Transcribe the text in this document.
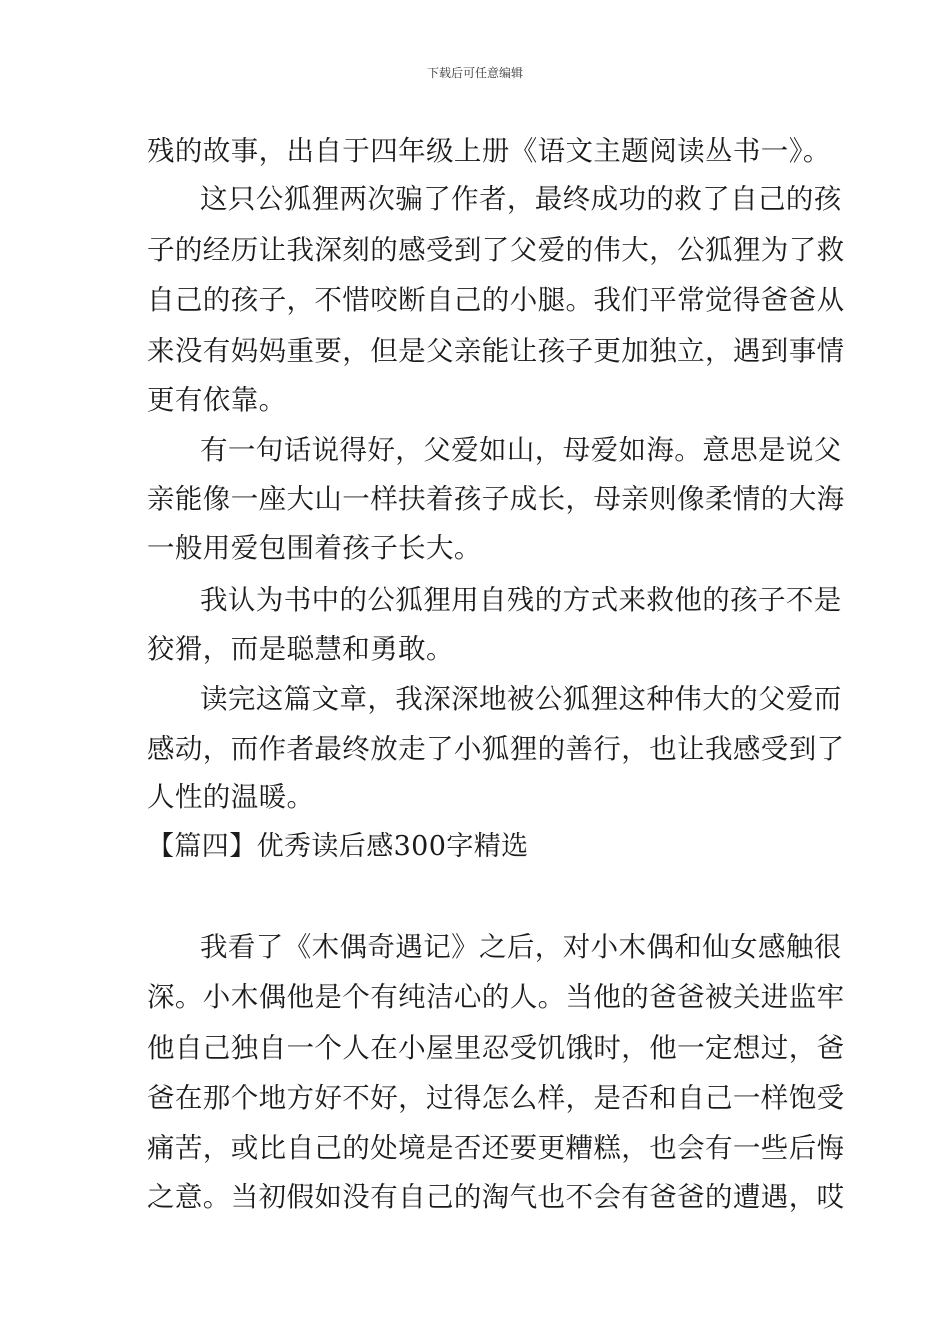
下载后可任意编辑
残的故事，出自于四年级上册《语文主题阅读丛书一》。
这只公狐狸两次骗了作者，最终成功的救了自己的孩
子的经历让我深刻的感受到了父爱的伟大，公狐狸为了救
自己的孩子，不惜咬断自己的小腿。我们平常觉得爸爸从
来没有妈妈重要，但是父亲能让孩子更加独立，遇到事情
更有依靠。
有一句话说得好，父爱如山，母爱如海。意思是说父
亲能像一座大山一样扶着孩子成长，母亲则像柔情的大海
一般用爱包围着孩子长大。
我认为书中的公狐狸用自残的方式来救他的孩子不是
狡猾，而是聪慧和勇敢。
读完这篇文章，我深深地被公狐狸这种伟大的父爱而
感动，而作者最终放走了小狐狸的善行，也让我感受到了
人性的温暖。
【篇四】优秀读后感300字精选
我看了《木偶奇遇记》之后，对小木偶和仙女感触很
深。小木偶他是个有纯洁心的人。当他的爸爸被关进监牢
他自己独自一个人在小屋里忍受饥饿时，他一定想过，爸
爸在那个地方好不好，过得怎么样，是否和自己一样饱受
痛苦，或比自己的处境是否还要更糟糕，也会有一些后悔
之意。当初假如没有自己的淘气也不会有爸爸的遭遇，哎
